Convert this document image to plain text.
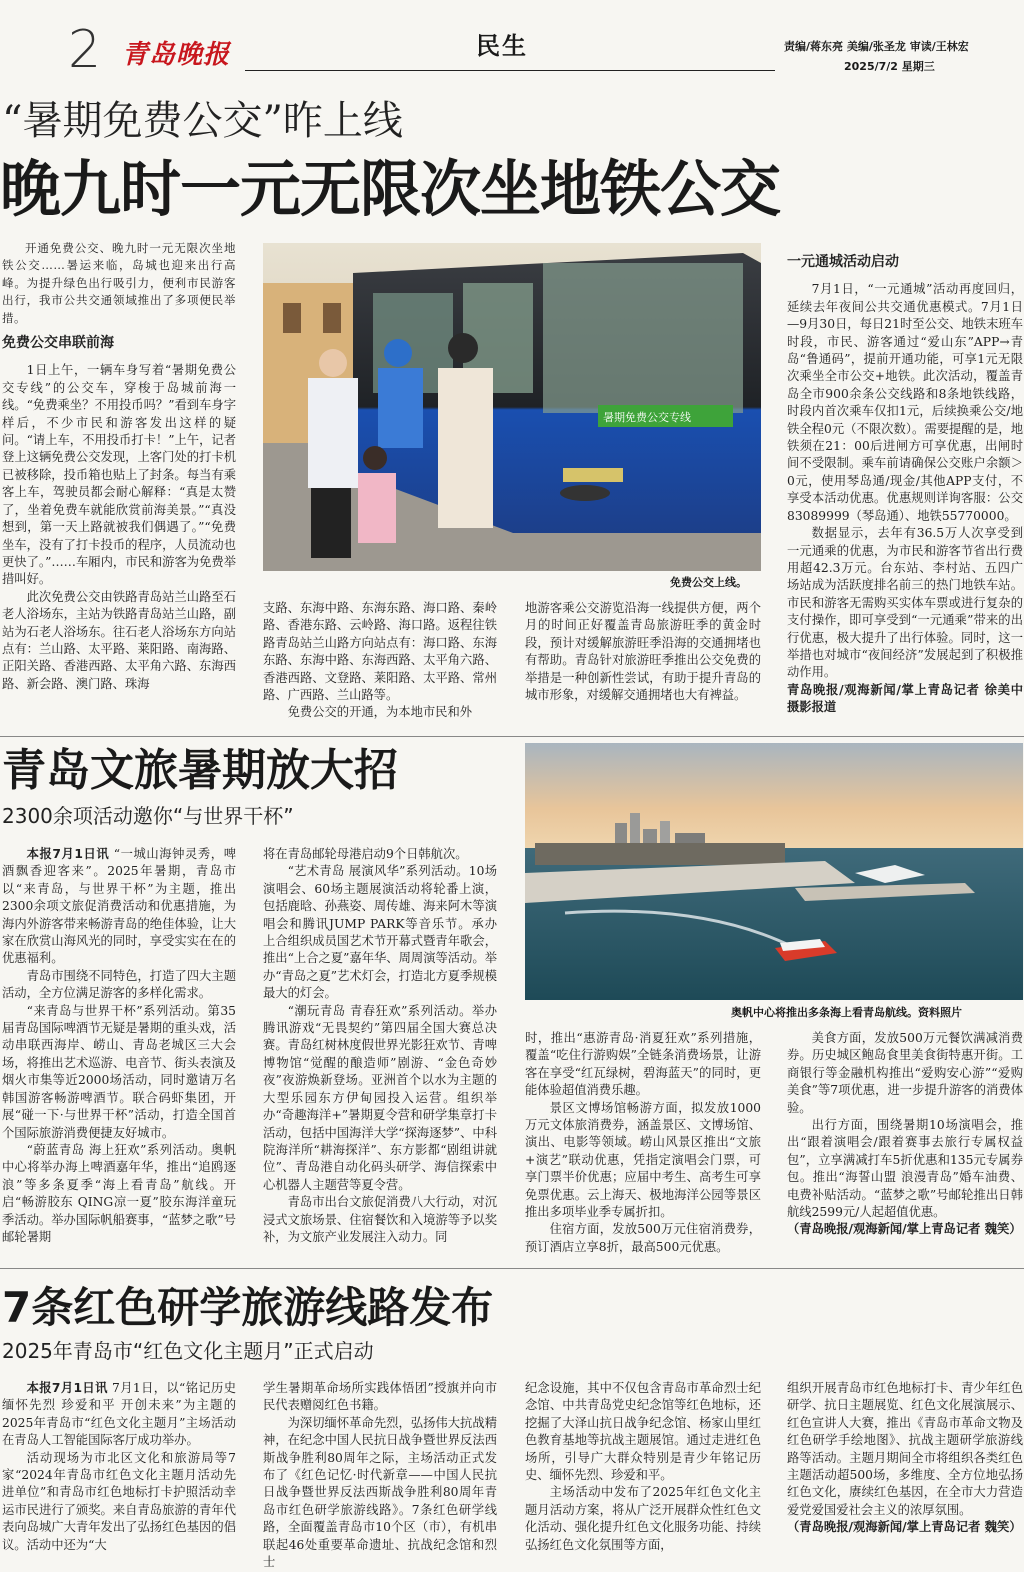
2 青岛晚报	民生	责编/蒋东亮 美编/张圣龙 审读/王林宏
2025/7/2 星期三
“暑期免费公交”昨上线
晚九时一元无限次坐地铁公交

开通免费公交、晚九时一元无限次坐地铁公交……暑运来临，岛城也迎来出行高峰。为提升绿色出行吸引力，便利市民游客出行，我市公共交通领域推出了多项便民举措。

免费公交串联前海

1日上午，一辆车身写着“暑期免费公交专线”的公交车，穿梭于岛城前海一线。“免费乘坐？不用投币吗？”看到车身字样后，不少市民和游客发出这样的疑问。“请上车，不用投币打卡！”上午，记者登上这辆免费公交发现，上客门处的打卡机已被移除，投币箱也贴上了封条。每当有乘客上车，驾驶员都会耐心解释：“真是太赞了，坐着免费车就能欣赏前海美景。”“真没想到，第一天上路就被我们偶遇了。”“免费坐车，没有了打卡投币的程序，人员流动也更快了。”……车厢内，市民和游客为免费举措叫好。

此次免费公交由铁路青岛站兰山路至石老人浴场东，主站为铁路青岛站兰山路，副站为石老人浴场东。往石老人浴场东方向站点有：兰山路、太平路、莱阳路、南海路、正阳关路、香港西路、太平角六路、东海西路、新会路、澳门路、珠海

暑期免费公交专线
免费公交上线。

支路、东海中路、东海东路、海口路、秦岭路、香港东路、云岭路、海口路。返程往铁路青岛站兰山路方向站点有：海口路、东海东路、东海中路、东海西路、太平角六路、香港西路、文登路、莱阳路、太平路、常州路、广西路、兰山路等。

免费公交的开通，为本地市民和外

地游客乘公交游览沿海一线提供方便，两个月的时间正好覆盖青岛旅游旺季的黄金时段，预计对缓解旅游旺季沿海的交通拥堵也有帮助。青岛针对旅游旺季推出公交免费的举措是一种创新性尝试，有助于提升青岛的城市形象，对缓解交通拥堵也大有裨益。

一元通城活动启动

7月1日，“一元通城”活动再度回归，延续去年夜间公共交通优惠模式。7月1日—9月30日，每日21时至公交、地铁末班车时段，市民、游客通过“爱山东”APP→青岛“鲁通码”，提前开通功能，可享1元无限次乘坐全市公交+地铁。此次活动，覆盖青岛全市900余条公交线路和8条地铁线路，时段内首次乘车仅扣1元，后续换乘公交/地铁全程0元（不限次数）。需要提醒的是，地铁须在21：00后进闸方可享优惠，出闸时间不受限制。乘车前请确保公交账户余额＞0元，使用琴岛通/现金/其他APP支付，不享受本活动优惠。优惠规则详询客服：公交83089999（琴岛通）、地铁55770000。

数据显示，去年有36.5万人次享受到一元通乘的优惠，为市民和游客节省出行费用超42.3万元。台东站、李村站、五四广场站成为活跃度排名前三的热门地铁车站。市民和游客无需购买实体车票或进行复杂的支付操作，即可享受到“一元通乘”带来的出行优惠，极大提升了出行体验。同时，这一举措也对城市“夜间经济”发展起到了积极推动作用。

青岛晚报/观海新闻/掌上青岛记者 徐美中 摄影报道

青岛文旅暑期放大招
2300余项活动邀你“与世界干杯”
奥帆中心将推出多条海上看青岛航线。资料照片

本报7月1日讯 “一城山海钟灵秀，啤酒飘香迎客来”。2025年暑期，青岛市以“来青岛，与世界干杯”为主题，推出2300余项文旅促消费活动和优惠措施，为海内外游客带来畅游青岛的绝佳体验，让大家在欣赏山海风光的同时，享受实实在在的优惠福利。

青岛市围绕不同特色，打造了四大主题活动，全方位满足游客的多样化需求。

“来青岛与世界干杯”系列活动。第35届青岛国际啤酒节无疑是暑期的重头戏，活动串联西海岸、崂山、青岛老城区三大会场，将推出艺术巡游、电音节、街头表演及烟火市集等近2000场活动，同时邀请万名韩国游客畅游啤酒节。联合码虾集团，开展“碰一下·与世界干杯”活动，打造全国首个国际旅游消费便捷友好城市。

“蔚蓝青岛 海上狂欢”系列活动。奥帆中心将举办海上啤酒嘉年华，推出“追鸥逐浪”等多条夏季“海上看青岛”航线。开启“畅游胶东 QING凉一夏”胶东海洋童玩季活动。举办国际帆船赛事，“蓝梦之歌”号邮轮暑期

将在青岛邮轮母港启动9个日韩航次。

“艺术青岛 展演风华”系列活动。10场演唱会、60场主题展演活动将轮番上演，包括鹿晗、孙燕姿、周传雄、海来阿木等演唱会和腾讯JUMP PARK等音乐节。承办上合组织成员国艺术节开幕式暨青年歌会，推出“上合之夏”嘉年华、周周演等活动。举办“青岛之夏”艺术灯会，打造北方夏季规模最大的灯会。

“潮玩青岛 青春狂欢”系列活动。举办腾讯游戏“无畏契约”第四届全国大赛总决赛。青岛红树林度假世界光影狂欢节、青啤博物馆“觉醒的酿造师”剧游、“金色奇妙夜”夜游焕新登场。亚洲首个以水为主题的大型乐园东方伊甸园投入运营。组织举办“奇趣海洋+”暑期夏令营和研学集章打卡活动，包括中国海洋大学“探海逐梦”、中科院海洋所“耕海探洋”、东方影都“剧组讲就位”、青岛港自动化码头研学、海信探索中心机器人主题营等夏令营。

青岛市出台文旅促消费八大行动，对沉浸式文旅场景、住宿餐饮和入境游等予以奖补，为文旅产业发展注入动力。同

时，推出“惠游青岛·消夏狂欢”系列措施，覆盖“吃住行游购娱”全链条消费场景，让游客在享受“红瓦绿树，碧海蓝天”的同时，更能体验超值消费乐趣。

景区文博场馆畅游方面，拟发放1000万元文体旅消费券，涵盖景区、文博场馆、演出、电影等领域。崂山风景区推出“文旅+演艺”联动优惠，凭指定演唱会门票，可享门票半价优惠；应届中考生、高考生可享免票优惠。云上海天、极地海洋公园等景区推出多项毕业季专属折扣。

住宿方面，发放500万元住宿消费券，预订酒店立享8折，最高500元优惠。

美食方面，发放500万元餐饮满减消费券。历史城区鲍岛食里美食街特惠开街。工商银行等金融机构推出“爱购安心游”“爱购美食”等7项优惠，进一步提升游客的消费体验。

出行方面，围绕暑期10场演唱会，推出“跟着演唱会/跟着赛事去旅行专属权益包”，立享满减打车5折优惠和135元专属券包。推出“海誓山盟 浪漫青岛”婚车油费、电费补贴活动。“蓝梦之歌”号邮轮推出日韩航线2599元/人起超值优惠。

（青岛晚报/观海新闻/掌上青岛记者 魏笑）

7条红色研学旅游线路发布
2025年青岛市“红色文化主题月”正式启动

本报7月1日讯 7月1日，以“铭记历史 缅怀先烈 珍爱和平 开创未来”为主题的2025年青岛市“红色文化主题月”主场活动在青岛人工智能国际客厅成功举办。

活动现场为市北区文化和旅游局等7家“2024年青岛市红色文化主题月活动先进单位”和青岛市红色地标打卡护照活动幸运市民进行了颁奖。来自青岛旅游的青年代表向岛城广大青年发出了弘扬红色基因的倡议。活动中还为“大

学生暑期革命场所实践体悟团”授旗并向市民代表赠阅红色书籍。

为深切缅怀革命先烈，弘扬伟大抗战精神，在纪念中国人民抗日战争暨世界反法西斯战争胜利80周年之际，主场活动正式发布了《红色记忆·时代新章——中国人民抗日战争暨世界反法西斯战争胜利80周年青岛市红色研学旅游线路》。7条红色研学线路，全面覆盖青岛市10个区（市），有机串联起46处重要革命遗址、抗战纪念馆和烈士

纪念设施，其中不仅包含青岛市革命烈士纪念馆、中共青岛党史纪念馆等红色地标，还挖掘了大泽山抗日战争纪念馆、杨家山里红色教育基地等抗战主题展馆。通过走进红色场所，引导广大群众特别是青少年铭记历史、缅怀先烈、珍爱和平。

主场活动中发布了2025年红色文化主题月活动方案，将从广泛开展群众性红色文化活动、强化提升红色文化服务功能、持续弘扬红色文化氛围等方面，

组织开展青岛市红色地标打卡、青少年红色研学、抗日主题展览、红色文化展演展示、红色宣讲人大赛，推出《青岛市革命文物及红色研学手绘地图》、抗战主题研学旅游线路等活动。主题月期间全市将组织各类红色主题活动超500场，多维度、全方位地弘扬红色文化，赓续红色基因，在全市大力营造爱党爱国爱社会主义的浓厚氛围。

（青岛晚报/观海新闻/掌上青岛记者 魏笑）
